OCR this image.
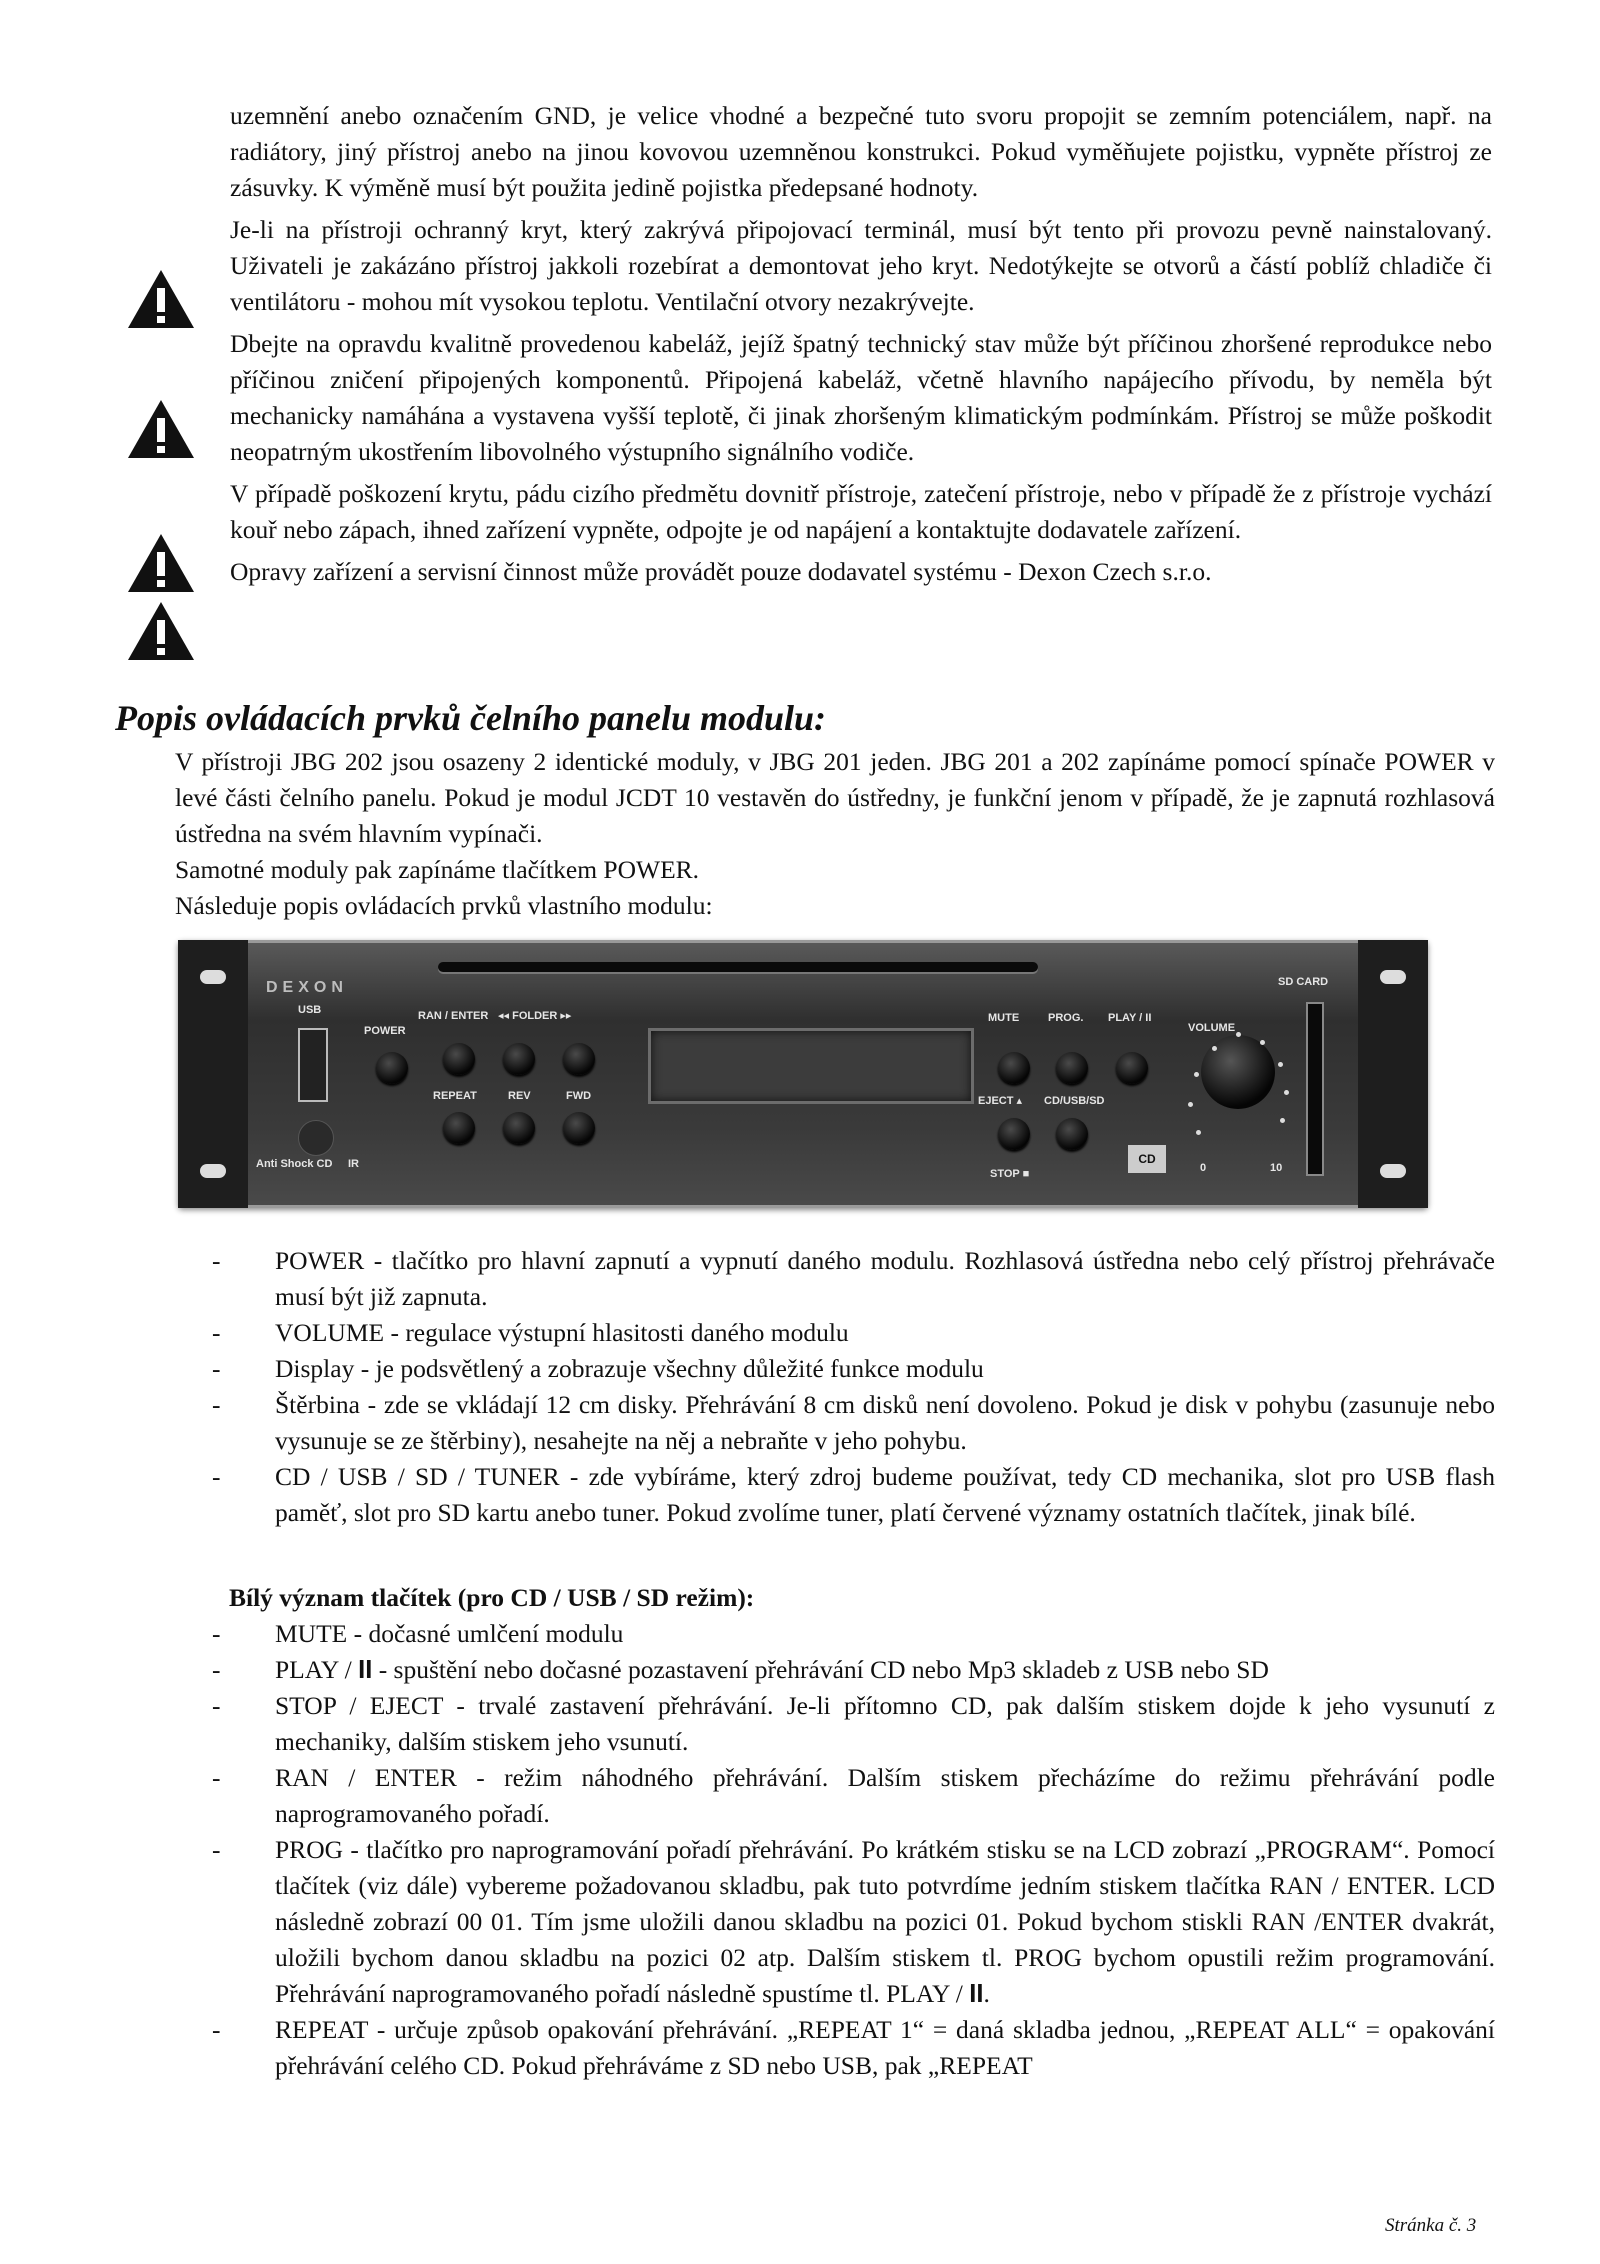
uzemnění anebo označením GND, je velice vhodné a bezpečné tuto svoru propojit se zemním potenciálem, např. na radiátory, jiný přístroj anebo na jinou kovovou uzemněnou konstrukci. Pokud vyměňujete pojistku, vypněte přístroj ze zásuvky. K výměně musí být použita jedině pojistka předepsané hodnoty.

Je-li na přístroji ochranný kryt, který zakrývá připojovací terminál, musí být tento při provozu pevně nainstalovaný. Uživateli je zakázáno přístroj jakkoli rozebírat a demontovat jeho kryt. Nedotýkejte se otvorů a částí poblíž chladiče či ventilátoru - mohou mít vysokou teplotu. Ventilační otvory nezakrývejte.

Dbejte na opravdu kvalitně provedenou kabeláž, jejíž špatný technický stav může být příčinou zhoršené reprodukce nebo příčinou zničení připojených komponentů. Připojená kabeláž, včetně hlavního napájecího přívodu, by neměla být mechanicky namáhána a vystavena vyšší teplotě, či jinak zhoršeným klimatickým podmínkám. Přístroj se může poškodit neopatrným ukostřením libovolného výstupního signálního vodiče.

V případě poškození krytu, pádu cizího předmětu dovnitř přístroje, zatečení přístroje, nebo v případě že z přístroje vychází kouř nebo zápach, ihned zařízení vypněte, odpojte je od napájení a kontaktujte dodavatele zařízení.

Opravy zařízení a servisní činnost může provádět pouze dodavatel systému - Dexon Czech s.r.o.

Popis ovládacích prvků čelního panelu modulu:

V přístroji JBG 202 jsou osazeny 2 identické moduly, v JBG 201 jeden. JBG 201 a 202 zapínáme pomocí spínače POWER v levé části čelního panelu. Pokud je modul JCDT 10 vestavěn do ústředny, je funkční jenom v případě, že je zapnutá rozhlasová ústředna na svém hlavním vypínači.

Samotné moduly pak zapínáme tlačítkem POWER.

Následuje popis ovládacích prvků vlastního modulu:

DEXON
USB
IR
Anti Shock CD
POWER
RAN / ENTER ◂◂ FOLDER ▸▸
REPEAT	REV	FWD
MUTE	PROG. PLAY / II
VOLUME
EJECT ▴ CD/USB/SD
STOP ■
CD
0	10
SD CARD
- POWER - tlačítko pro hlavní zapnutí a vypnutí daného modulu. Rozhlasová ústředna nebo celý přístroj přehrávače musí být již zapnuta.
- VOLUME - regulace výstupní hlasitosti daného modulu
- Display - je podsvětlený a zobrazuje všechny důležité funkce modulu
- Štěrbina - zde se vkládají 12 cm disky. Přehrávání 8 cm disků není dovoleno. Pokud je disk v pohybu (zasunuje nebo vysunuje se ze štěrbiny), nesahejte na něj a nebraňte v jeho pohybu.
- CD / USB / SD / TUNER - zde vybíráme, který zdroj budeme používat, tedy CD mechanika, slot pro USB flash paměť, slot pro SD kartu anebo tuner. Pokud zvolíme tuner, platí červené významy ostatních tlačítek, jinak bílé.
Bílý význam tlačítek (pro CD / USB / SD režim):
- MUTE - dočasné umlčení modulu
- PLAY / II - spuštění nebo dočasné pozastavení přehrávání CD nebo Mp3 skladeb z USB nebo SD
- STOP / EJECT - trvalé zastavení přehrávání. Je-li přítomno CD, pak dalším stiskem dojde k jeho vysunutí z mechaniky, dalším stiskem jeho vsunutí.
- RAN / ENTER - režim náhodného přehrávání. Dalším stiskem přecházíme do režimu přehrávání podle naprogramovaného pořadí.
- PROG - tlačítko pro naprogramování pořadí přehrávání. Po krátkém stisku se na LCD zobrazí „PROGRAM“. Pomocí tlačítek (viz dále) vybereme požadovanou skladbu, pak tuto potvrdíme jedním stiskem tlačítka RAN / ENTER. LCD následně zobrazí 00 01. Tím jsme uložili danou skladbu na pozici 01. Pokud bychom stiskli RAN /ENTER dvakrát, uložili bychom danou skladbu na pozici 02 atp. Dalším stiskem tl. PROG bychom opustili režim programování. Přehrávání naprogramovaného pořadí následně spustíme tl. PLAY / II.
- REPEAT - určuje způsob opakování přehrávání. „REPEAT 1“ = daná skladba jednou, „REPEAT ALL“ = opakování přehrávání celého CD. Pokud přehráváme z SD nebo USB, pak „REPEAT
Stránka č. 3
